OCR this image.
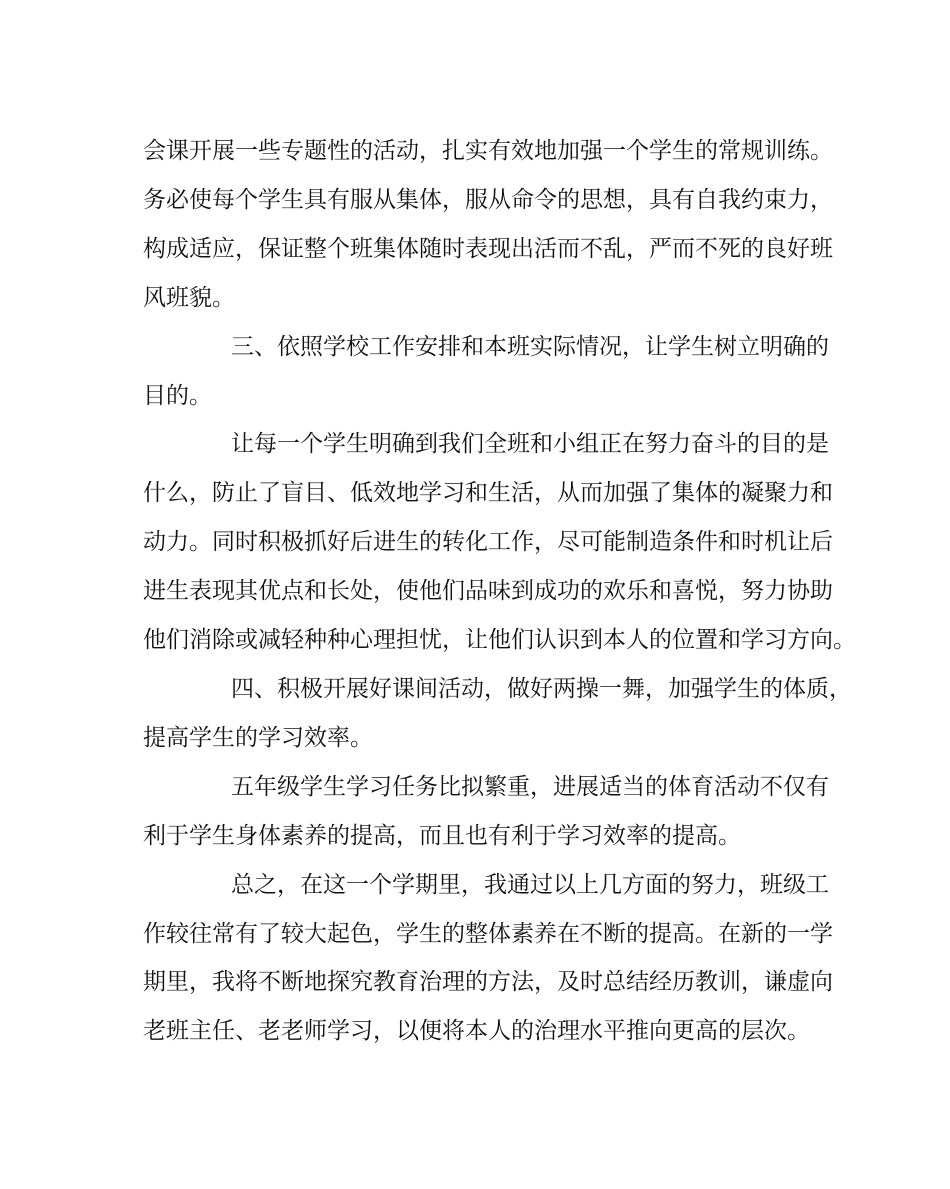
会课开展一些专题性的活动，扎实有效地加强一个学生的常规训练。

务必使每个学生具有服从集体，服从命令的思想，具有自我约束力，

构成适应，保证整个班集体随时表现出活而不乱，严而不死的良好班

风班貌。

三、依照学校工作安排和本班实际情况，让学生树立明确的

目的。

让每一个学生明确到我们全班和小组正在努力奋斗的目的是

什么，防止了盲目、低效地学习和生活，从而加强了集体的凝聚力和

动力。同时积极抓好后进生的转化工作，尽可能制造条件和时机让后

进生表现其优点和长处，使他们品味到成功的欢乐和喜悦，努力协助

他们消除或减轻种种心理担忧，让他们认识到本人的位置和学习方向。

四、积极开展好课间活动，做好两操一舞，加强学生的体质，

提高学生的学习效率。

五年级学生学习任务比拟繁重，进展适当的体育活动不仅有

利于学生身体素养的提高，而且也有利于学习效率的提高。

总之，在这一个学期里，我通过以上几方面的努力，班级工

作较往常有了较大起色，学生的整体素养在不断的提高。在新的一学

期里，我将不断地探究教育治理的方法，及时总结经历教训，谦虚向

老班主任、老老师学习，以便将本人的治理水平推向更高的层次。
